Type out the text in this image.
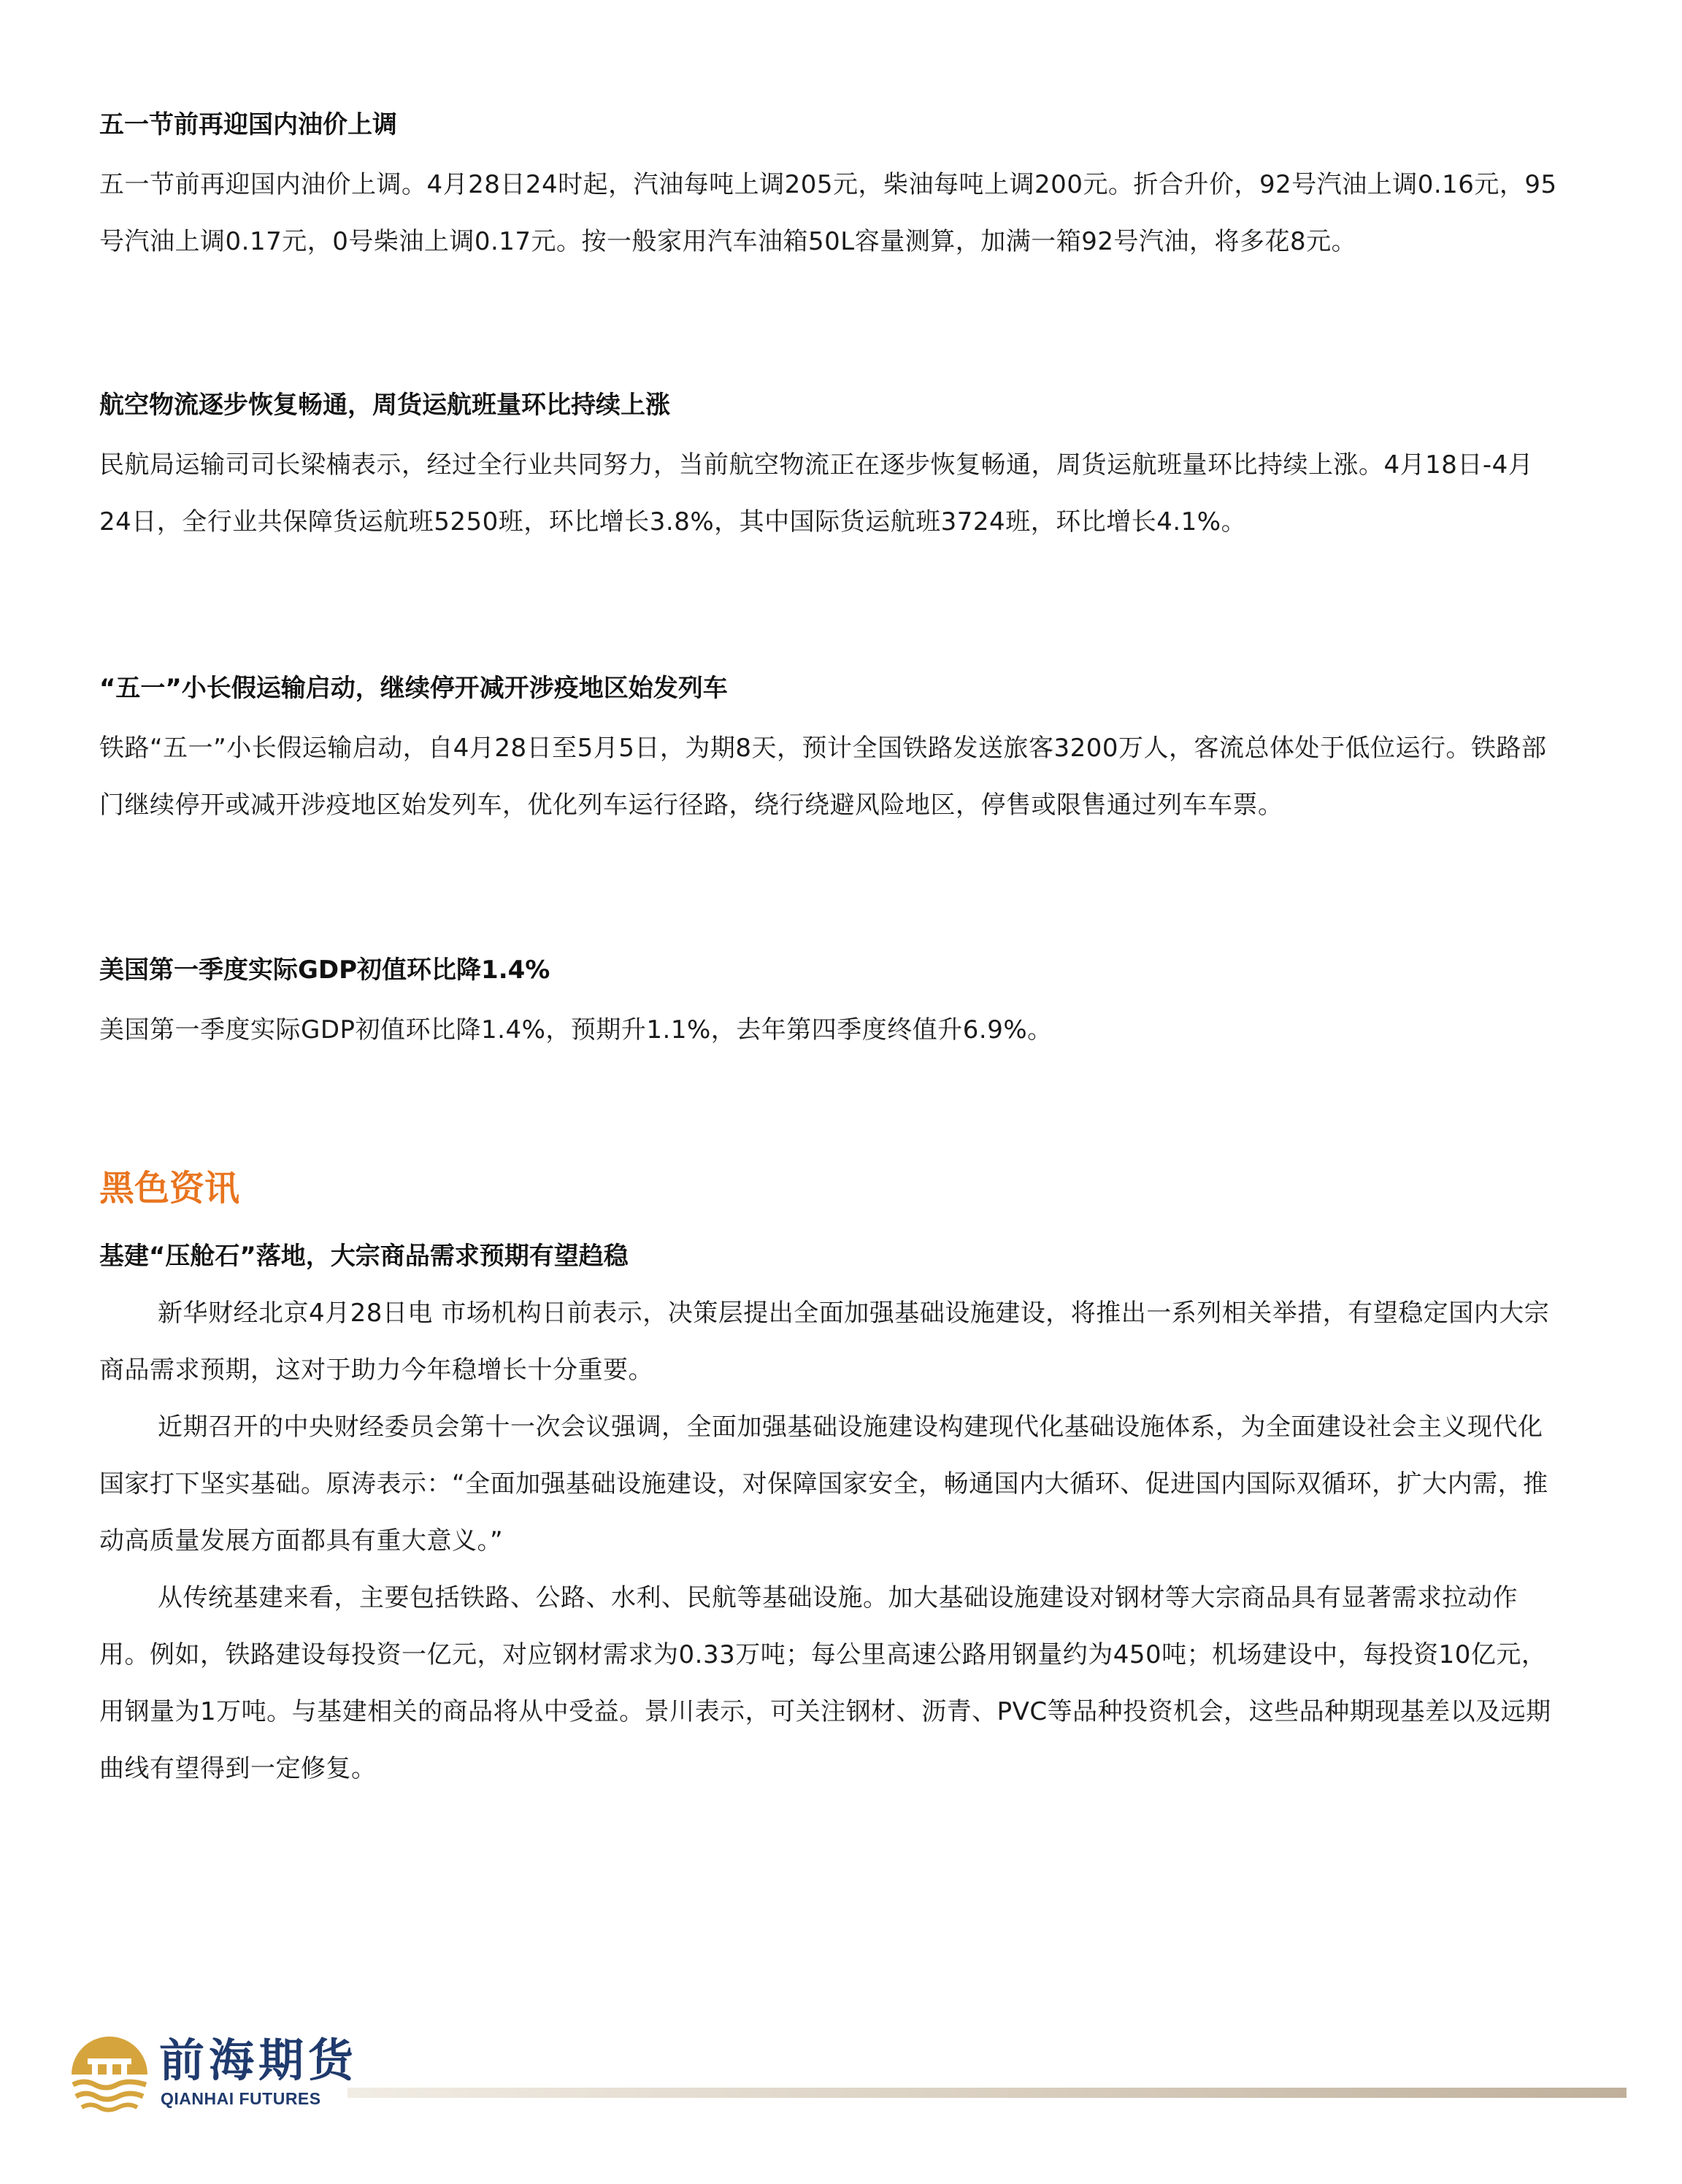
五一节前再迎国内油价上调

五一节前再迎国内油价上调。4月28日24时起，汽油每吨上调205元，柴油每吨上调200元。折合升价，92号汽油上调0.16元，95号汽油上调0.17元，0号柴油上调0.17元。按一般家用汽车油箱50L容量测算，加满一箱92号汽油，将多花8元。

航空物流逐步恢复畅通，周货运航班量环比持续上涨

民航局运输司司长梁楠表示，经过全行业共同努力，当前航空物流正在逐步恢复畅通，周货运航班量环比持续上涨。4月18日-4月24日，全行业共保障货运航班5250班，环比增长3.8%，其中国际货运航班3724班，环比增长4.1%。

“五一”小长假运输启动，继续停开减开涉疫地区始发列车

铁路“五一”小长假运输启动，自4月28日至5月5日，为期8天，预计全国铁路发送旅客3200万人，客流总体处于低位运行。铁路部门继续停开或减开涉疫地区始发列车，优化列车运行径路，绕行绕避风险地区，停售或限售通过列车车票。

美国第一季度实际GDP初值环比降1.4%

美国第一季度实际GDP初值环比降1.4%，预期升1.1%，去年第四季度终值升6.9%。

黑色资讯

基建“压舱石”落地，大宗商品需求预期有望趋稳

新华财经北京4月28日电 市场机构日前表示，决策层提出全面加强基础设施建设，将推出一系列相关举措，有望稳定国内大宗商品需求预期，这对于助力今年稳增长十分重要。

近期召开的中央财经委员会第十一次会议强调，全面加强基础设施建设构建现代化基础设施体系，为全面建设社会主义现代化国家打下坚实基础。原涛表示：“全面加强基础设施建设，对保障国家安全，畅通国内大循环、促进国内国际双循环，扩大内需，推动高质量发展方面都具有重大意义。”

从传统基建来看，主要包括铁路、公路、水利、民航等基础设施。加大基础设施建设对钢材等大宗商品具有显著需求拉动作用。例如，铁路建设每投资一亿元，对应钢材需求为0.33万吨；每公里高速公路用钢量约为450吨；机场建设中，每投资10亿元，用钢量为1万吨。与基建相关的商品将从中受益。景川表示，可关注钢材、沥青、PVC等品种投资机会，这些品种期现基差以及远期曲线有望得到一定修复。

前海期货
QIANHAI FUTURES
